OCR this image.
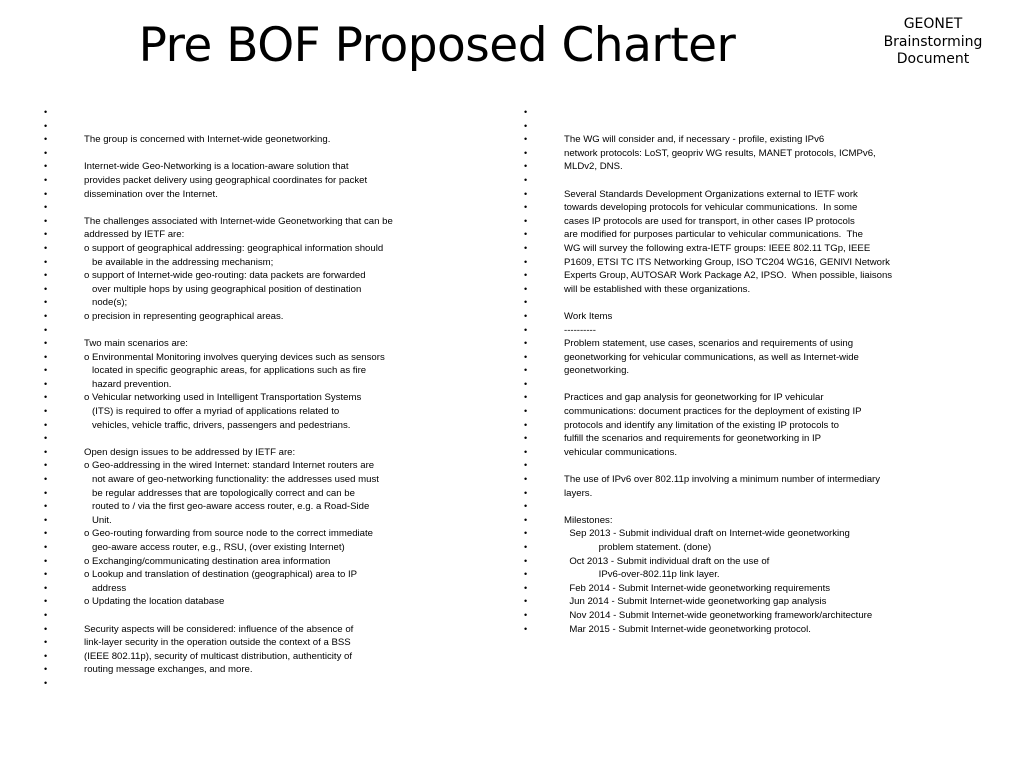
Pre BOF Proposed Charter	GEONET
Brainstorming
Document
•
•
•	The group is concerned with Internet-wide geonetworking.
•
•	Internet-wide Geo-Networking is a location-aware solution that
•	provides packet delivery using geographical coordinates for packet
•	dissemination over the Internet.
•
•	The challenges associated with Internet-wide Geonetworking that can be
•	addressed by IETF are:
•	o support of geographical addressing: geographical information should
•	be available in the addressing mechanism;
•	o support of Internet-wide geo-routing: data packets are forwarded
•	over multiple hops by using geographical position of destination
•	node(s);
•	o precision in representing geographical areas.
•
•	Two main scenarios are:
•	o Environmental Monitoring involves querying devices such as sensors
•	located in specific geographic areas, for applications such as fire
•	hazard prevention.
•	o Vehicular networking used in Intelligent Transportation Systems
•	(ITS) is required to offer a myriad of applications related to
•	vehicles, vehicle traffic, drivers, passengers and pedestrians.
•
•	Open design issues to be addressed by IETF are:
•	o Geo-addressing in the wired Internet: standard Internet routers are
•	not aware of geo-networking functionality: the addresses used must
•	be regular addresses that are topologically correct and can be
•	routed to / via the first geo-aware access router, e.g. a Road-Side
•	Unit.
•	o Geo-routing forwarding from source node to the correct immediate
•	geo-aware access router, e.g., RSU, (over existing Internet)
•	o Exchanging/communicating destination area information
•	o Lookup and translation of destination (geographical) area to IP
•	address
•	o Updating the location database
•
•	Security aspects will be considered: influence of the absence of
•	link-layer security in the operation outside the context of a BSS
•	(IEEE 802.11p), security of multicast distribution, authenticity of
•	routing message exchanges, and more.
•
•
•
•	The WG will consider and, if necessary - profile, existing IPv6
•	network protocols: LoST, geopriv WG results, MANET protocols, ICMPv6,
•	MLDv2, DNS.
•
•	Several Standards Development Organizations external to IETF work
•	towards developing protocols for vehicular communications.  In some
•	cases IP protocols are used for transport, in other cases IP protocols
•	are modified for purposes particular to vehicular communications.  The
•	WG will survey the following extra-IETF groups: IEEE 802.11 TGp, IEEE
•	P1609, ETSI TC ITS Networking Group, ISO TC204 WG16, GENIVI Network
•	Experts Group, AUTOSAR Work Package A2, IPSO.  When possible, liaisons
•	will be established with these organizations.
•
•	Work Items
•	----------
•	Problem statement, use cases, scenarios and requirements of using
•	geonetworking for vehicular communications, as well as Internet-wide
•	geonetworking.
•
•	Practices and gap analysis for geonetworking for IP vehicular
•	communications: document practices for the deployment of existing IP
•	protocols and identify any limitation of the existing IP protocols to
•	fulfill the scenarios and requirements for geonetworking in IP
•	vehicular communications.
•
•	The use of IPv6 over 802.11p involving a minimum number of intermediary
•	layers.
•
•	Milestones:
•	Sep 2013 - Submit individual draft on Internet-wide geonetworking
•	problem statement. (done)
•	Oct 2013 - Submit individual draft on the use of
•	IPv6-over-802.11p link layer.
•	Feb 2014 - Submit Internet-wide geonetworking requirements
•	Jun 2014 - Submit Internet-wide geonetworking gap analysis
•	Nov 2014 - Submit Internet-wide geonetworking framework/architecture
•	Mar 2015 - Submit Internet-wide geonetworking protocol.
